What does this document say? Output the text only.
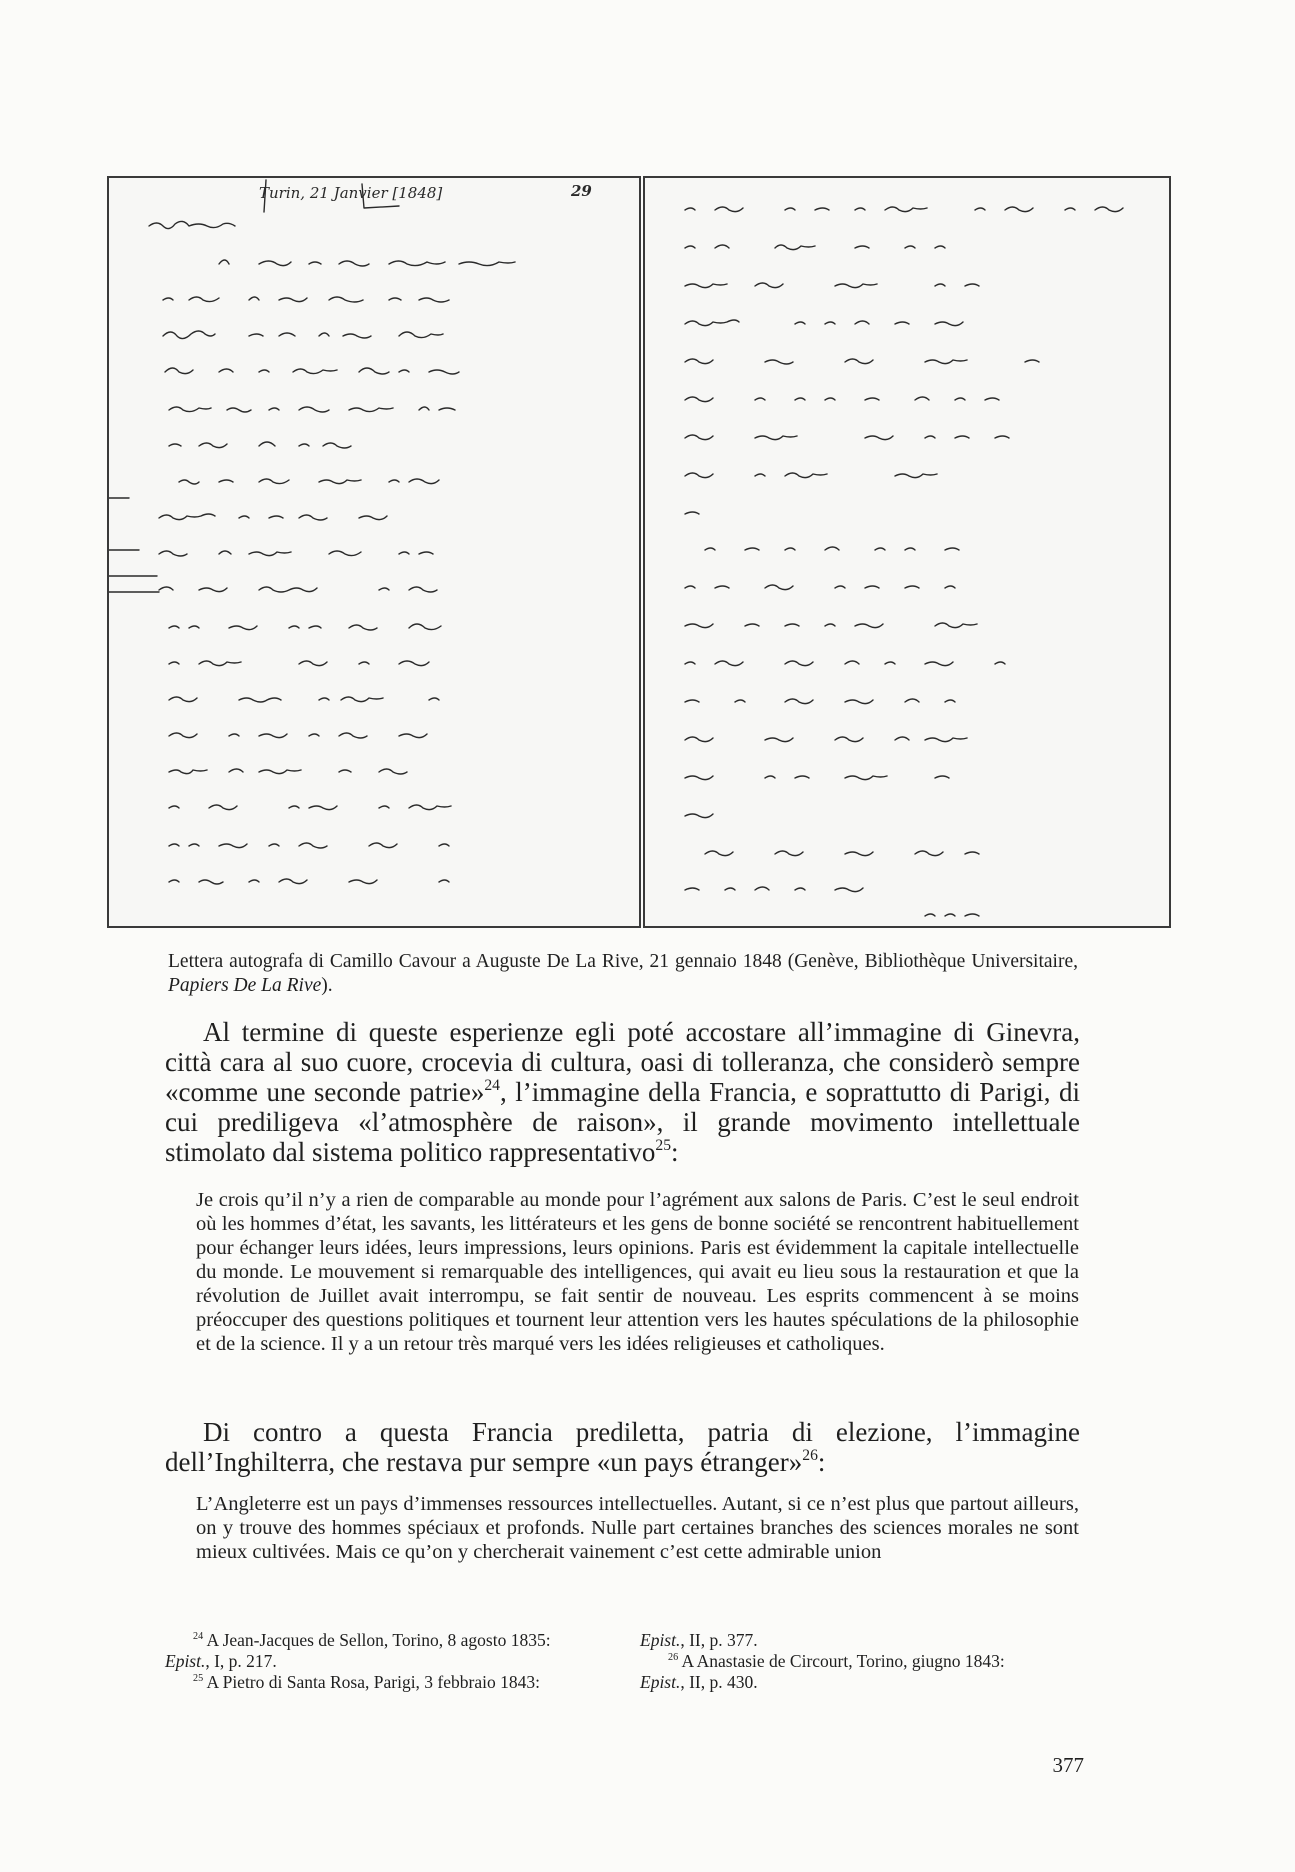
Turin, 21 Janvier [1848]	29
Lettera autografa di Camillo Cavour a Auguste De La Rive, 21 gennaio 1848 (Genève, Bibliothèque Universitaire, Papiers De La Rive).

Al termine di queste esperienze egli poté accostare all’immagine di Ginevra, città cara al suo cuore, crocevia di cultura, oasi di tolleranza, che considerò sempre «comme une seconde patrie»$^{24}$, l’immagine della Francia, e soprattutto di Parigi, di cui prediligeva «l’atmosphère de raison», il grande movimento intellettuale stimolato dal sistema politico rappresentativo$^{25}$:

Je crois qu’il n’y a rien de comparable au monde pour l’agrément aux salons de Paris. C’est le seul endroit où les hommes d’état, les savants, les littérateurs et les gens de bonne société se rencontrent habituellement pour échanger leurs idées, leurs impressions, leurs opinions. Paris est évidemment la capitale intellectuelle du monde. Le mouvement si remarquable des intelligences, qui avait eu lieu sous la restauration et que la révolution de Juillet avait interrompu, se fait sentir de nouveau. Les esprits commencent à se moins préoccuper des questions politiques et tournent leur attention vers les hautes spéculations de la philosophie et de la science. Il y a un retour très marqué vers les idées religieuses et catholiques.

Di contro a questa Francia prediletta, patria di elezione, l’immagine dell’Inghilterra, che restava pur sempre «un pays étranger»$^{26}$:

L’Angleterre est un pays d’immenses ressources intellectuelles. Autant, si ce n’est plus que partout ailleurs, on y trouve des hommes spéciaux et profonds. Nulle part certaines branches des sciences morales ne sont mieux cultivées. Mais ce qu’on y chercherait vainement c’est cette admirable union

$^{24}$ A Jean-Jacques de Sellon, Torino, 8 agosto 1835:

Epist., I, p. 217.

$^{25}$ A Pietro di Santa Rosa, Parigi, 3 febbraio 1843:

Epist., II, p. 377.

$^{26}$ A Anastasie de Circourt, Torino, giugno 1843:

Epist., II, p. 430.

377
